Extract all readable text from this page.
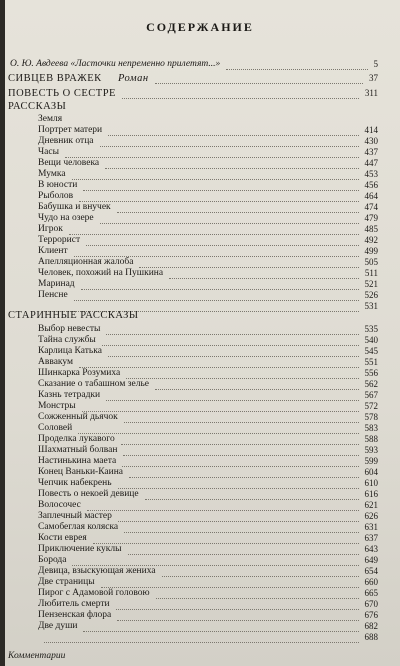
СОДЕРЖАНИЕ
О. Ю. Авдеева «Ласточки непременно прилетят...»	5
СИВЦЕВ ВРАЖЕК Роман	37
ПОВЕСТЬ О СЕСТРЕ	311
РАССКАЗЫ
Земля
Портрет матери	414
Дневник отца	430
Часы	437
Вещи человека	447
Мумка	453
В юности	456
Рыболов	464
Бабушка и внучек	474
Чудо на озере	479
Игрок	485
Террорист	492
Клиент	499
Апелляционная жалоба	505
Человек, похожий на Пушкина	511
Маринад	521
Пенсне	526
531
СТАРИННЫЕ РАССКАЗЫ
Выбор невесты	535
Тайна службы	540
Карлица Катька	545
Аввакум	551
Шинкарка Розумиха	556
Сказание о табашном зелье	562
Казнь тетрадки	567
Монстры	572
Сожженный дьячок	578
Соловей	583
Проделка лукавого	588
Шахматный болван	593
Настинькина маета	599
Конец Ваньки-Каина	604
Чепчик набекрень	610
Повесть о некоей девице	616
Волосочес	621
Заплечный мастер	626
Самобеглая коляска	631
Кости еврея	637
Приключение куклы	643
Борода	649
Девица, взыскующая жениха	654
Две страницы	660
Пирог с Адамовой головою	665
Любитель смерти	670
Пензенская флора	676
Две души	682
688
Комментарии
